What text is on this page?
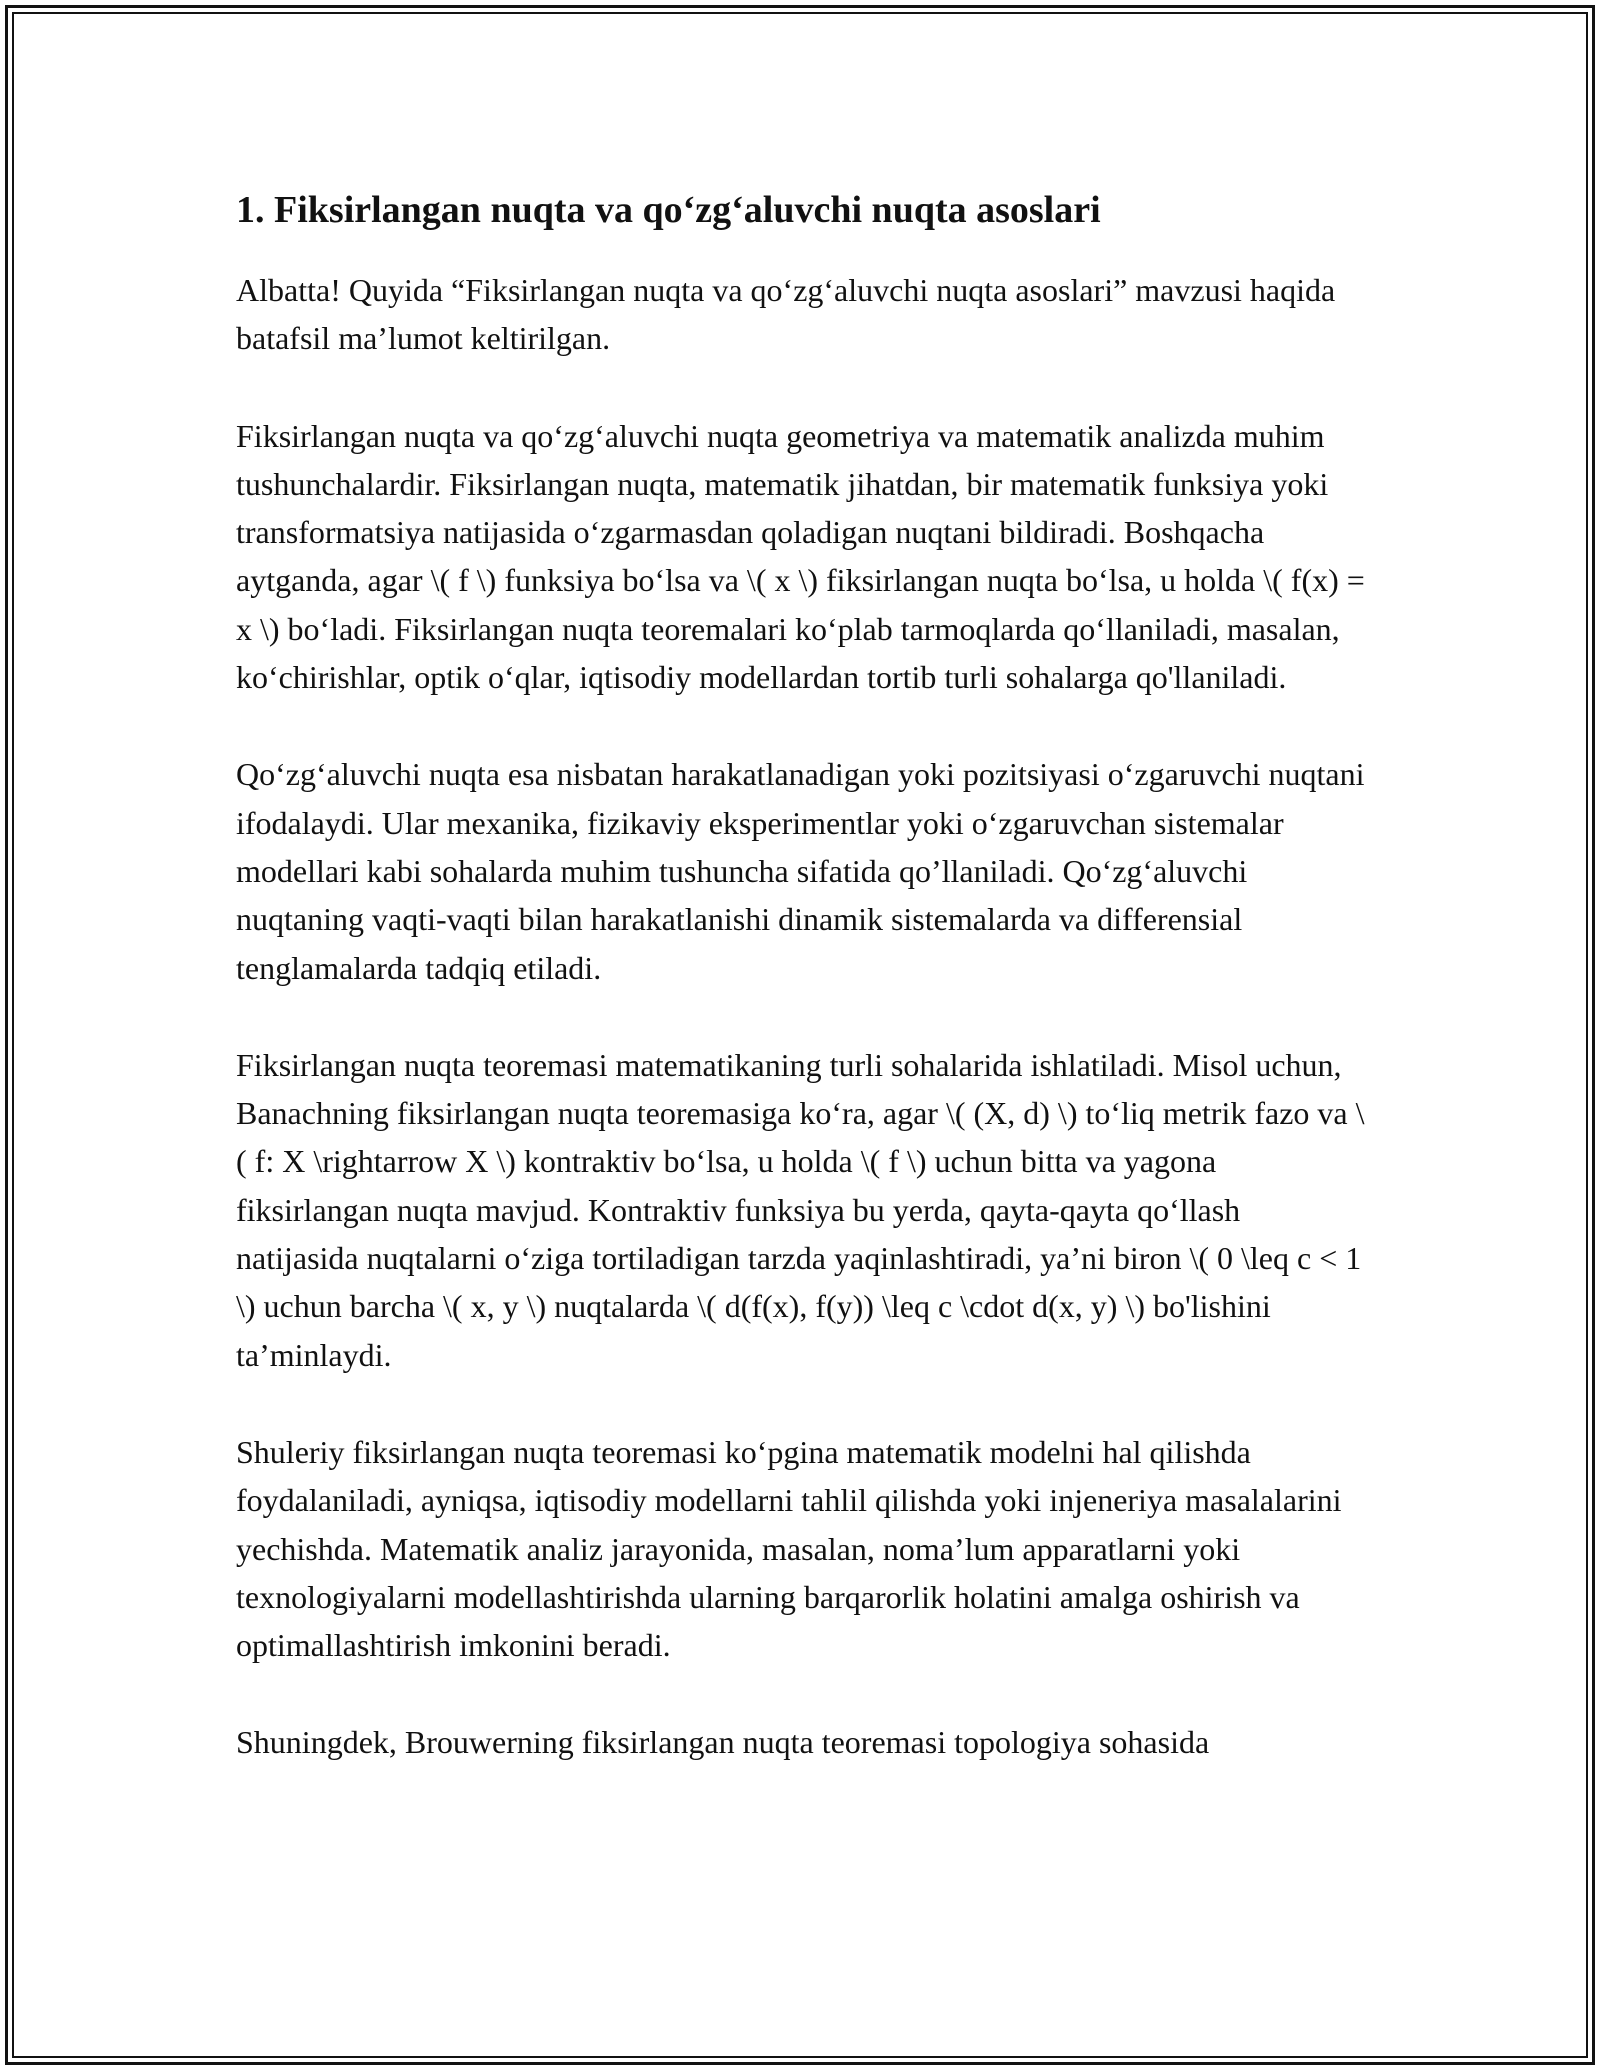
1. Fiksirlangan nuqta va qo‘zg‘aluvchi nuqta asoslari

Albatta! Quyida “Fiksirlangan nuqta va qo‘zg‘aluvchi nuqta asoslari” mavzusi haqida batafsil ma’lumot keltirilgan.

Fiksirlangan nuqta va qo‘zg‘aluvchi nuqta geometriya va matematik analizda muhim tushunchalardir. Fiksirlangan nuqta, matematik jihatdan, bir matematik funksiya yoki transformatsiya natijasida o‘zgarmasdan qoladigan nuqtani bildiradi. Boshqacha aytganda, agar \( f \) funksiya bo‘lsa va \( x \) fiksirlangan nuqta bo‘lsa, u holda \( f(x) = x \) bo‘ladi. Fiksirlangan nuqta teoremalari ko‘plab tarmoqlarda qo‘llaniladi, masalan, ko‘chirishlar, optik o‘qlar, iqtisodiy modellardan tortib turli sohalarga qo'llaniladi.

Qo‘zg‘aluvchi nuqta esa nisbatan harakatlanadigan yoki pozitsiyasi o‘zgaruvchi nuqtani ifodalaydi. Ular mexanika, fizikaviy eksperimentlar yoki o‘zgaruvchan sistemalar modellari kabi sohalarda muhim tushuncha sifatida qo’llaniladi. Qo‘zg‘aluvchi nuqtaning vaqti-vaqti bilan harakatlanishi dinamik sistemalarda va differensial tenglamalarda tadqiq etiladi.

Fiksirlangan nuqta teoremasi matematikaning turli sohalarida ishlatiladi. Misol uchun, Banachning fiksirlangan nuqta teoremasiga ko‘ra, agar \( (X, d) \) to‘liq metrik fazo va \( f: X \rightarrow X \) kontraktiv bo‘lsa, u holda \( f \) uchun bitta va yagona fiksirlangan nuqta mavjud. Kontraktiv funksiya bu yerda, qayta-qayta qo‘llash natijasida nuqtalarni o‘ziga tortiladigan tarzda yaqinlashtiradi, ya’ni biron \( 0 \leq c < 1 \) uchun barcha \( x, y \) nuqtalarda \( d(f(x), f(y)) \leq c \cdot d(x, y) \) bo'lishini ta’minlaydi.

Shuleriy fiksirlangan nuqta teoremasi ko‘pgina matematik modelni hal qilishda foydalaniladi, ayniqsa, iqtisodiy modellarni tahlil qilishda yoki injeneriya masalalarini yechishda. Matematik analiz jarayonida, masalan, noma’lum apparatlarni yoki texnologiyalarni modellashtirishda ularning barqarorlik holatini amalga oshirish va optimallashtirish imkonini beradi.

Shuningdek, Brouwerning fiksirlangan nuqta teoremasi topologiya sohasida
